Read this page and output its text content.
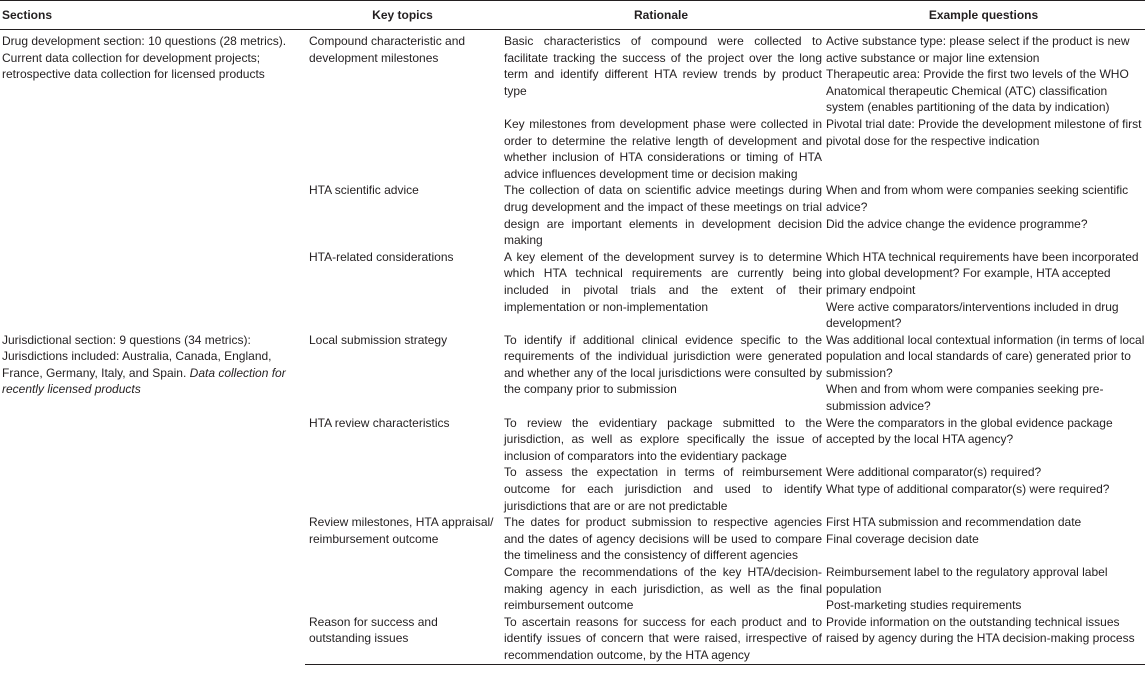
Sections	Key topics	Rationale	Example questions
Drug development section: 10 questions (28 metrics). Current data collection for development projects; retrospective data collection for licensed products	Compound characteristic and development milestones	Basic characteristics of compound were collected to facilitate tracking the success of the project over the long term and identify different HTA review trends by product type	Active substance type: please select if the product is new active substance or major line extension
Therapeutic area: Provide the first two levels of the WHO Anatomical therapeutic Chemical (ATC) classification system (enables partitioning of the data by indication)

		Key milestones from development phase were collected in order to determine the relative length of development and whether inclusion of HTA considerations or timing of HTA advice influences development time or decision making	Pivotal trial date: Provide the development milestone of first pivotal dose for the respective indication

	HTA scientific advice	The collection of data on scientific advice meetings during drug development and the impact of these meetings on trial design are important elements in development decision making	When and from whom were companies seeking scientific advice?
Did the advice change the evidence programme?

	HTA-related considerations	A key element of the development survey is to determine which HTA technical requirements are currently being included in pivotal trials and the extent of their implementation or non-implementation	Which HTA technical requirements have been incorporated into global development? For example, HTA accepted primary endpoint
Were active comparators/interventions included in drug development?

Jurisdictional section: 9 questions (34 metrics): Jurisdictions included: Australia, Canada, England, France, Germany, Italy, and Spain. Data collection for recently licensed products	Local submission strategy	To identify if additional clinical evidence specific to the requirements of the individual jurisdiction were generated and whether any of the local jurisdictions were consulted by the company prior to submission	Was additional local contextual information (in terms of local population and local standards of care) generated prior to submission?
When and from whom were companies seeking pre-submission advice?

	HTA review characteristics	To review the evidentiary package submitted to the jurisdiction, as well as explore specifically the issue of inclusion of comparators into the evidentiary package	Were the comparators in the global evidence package accepted by the local HTA agency?

		To assess the expectation in terms of reimbursement outcome for each jurisdiction and used to identify jurisdictions that are or are not predictable	Were additional comparator(s) required?
What type of additional comparator(s) were required?

	Review milestones, HTA appraisal/ reimbursement outcome	The dates for product submission to respective agencies and the dates of agency decisions will be used to compare the timeliness and the consistency of different agencies	First HTA submission and recommendation date
Final coverage decision date

		Compare the recommendations of the key HTA/decision-making agency in each jurisdiction, as well as the final reimbursement outcome	Reimbursement label to the regulatory approval label population
Post-marketing studies requirements

	Reason for success and outstanding issues	To ascertain reasons for success for each product and to identify issues of concern that were raised, irrespective of recommendation outcome, by the HTA agency	Provide information on the outstanding technical issues raised by agency during the HTA decision-making process
